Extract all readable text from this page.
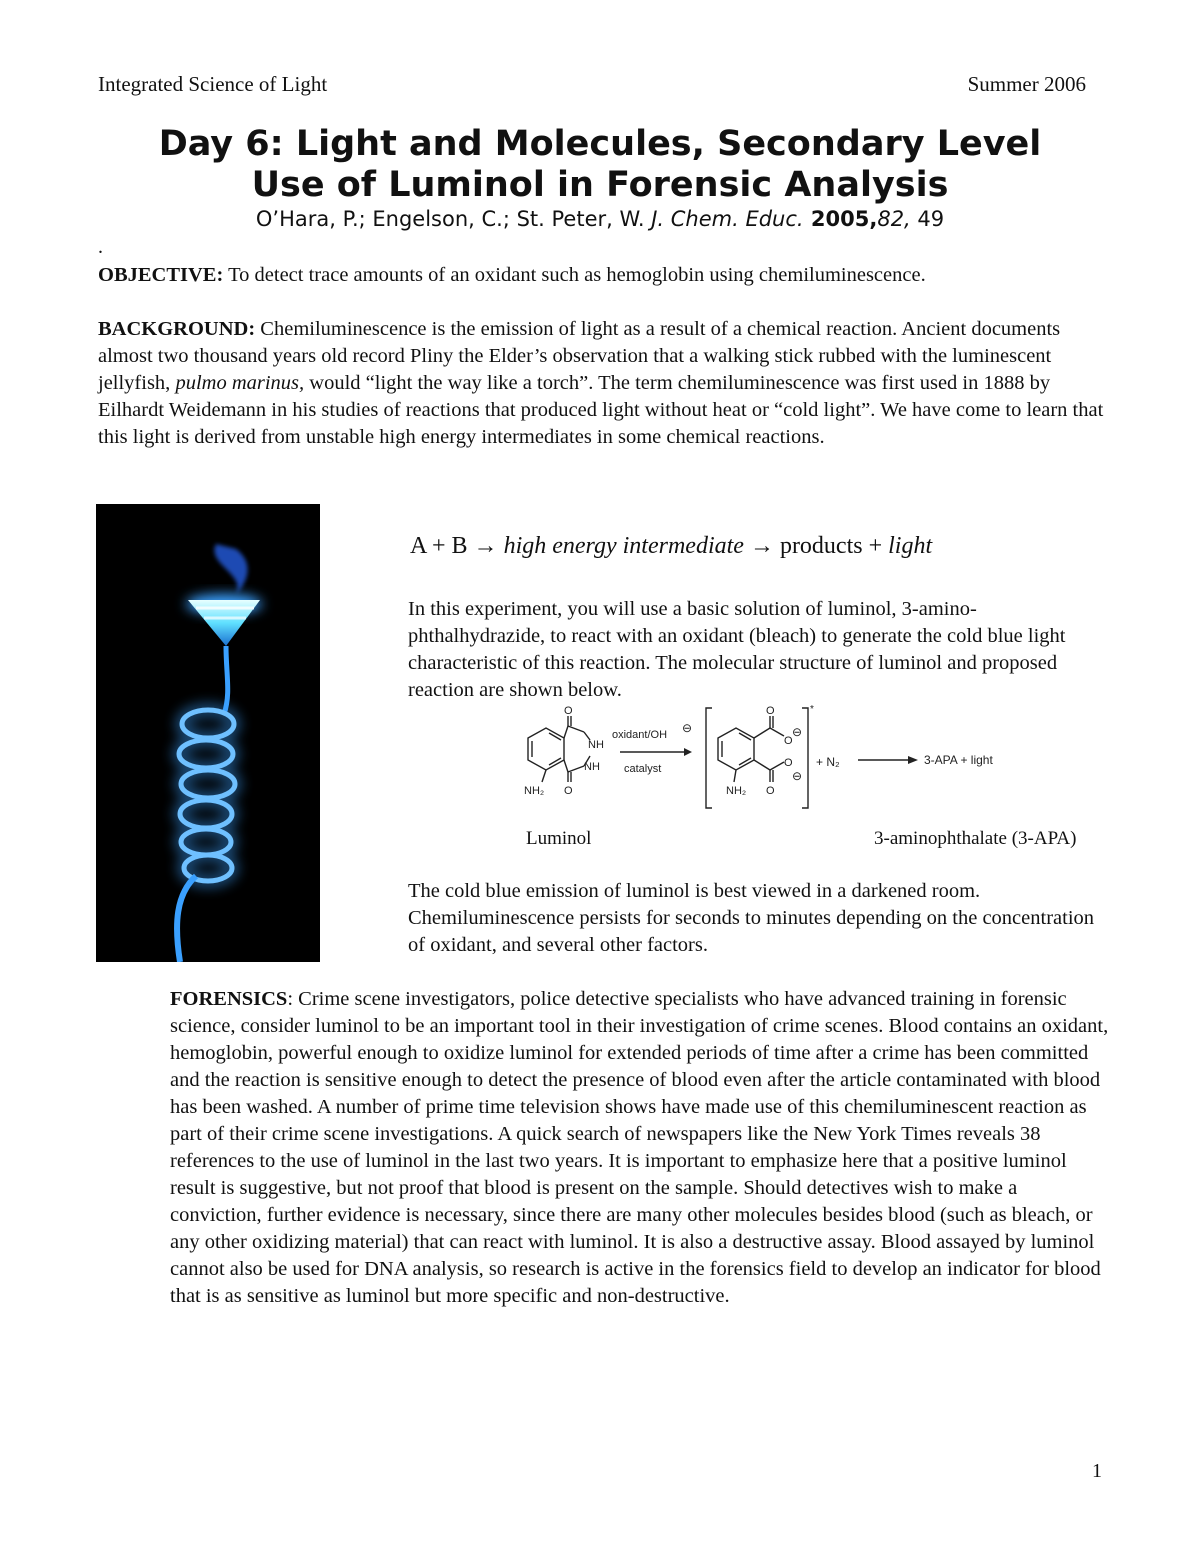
Integrated Science of Light	Summer 2006
Day 6: Light and Molecules, Secondary Level
Use of Luminol in Forensic Analysis
O’Hara, P.; Engelson, C.; St. Peter, W. J. Chem. Educ. 2005,82, 49
.
OBJECTIVE: To detect trace amounts of an oxidant such as hemoglobin using chemiluminescence.
BACKGROUND: Chemiluminescence is the emission of light as a result of a chemical reaction. Ancient documents almost two thousand years old record Pliny the Elder’s observation that a walking stick rubbed with the luminescent jellyfish, pulmo marinus, would “light the way like a torch”. The term chemiluminescence was first used in 1888 by Eilhardt Weidemann in his studies of reactions that produced light without heat or “cold light”. We have come to learn that this light is derived from unstable high energy intermediates in some chemical reactions.
A + B → high energy intermediate → products + light
In this experiment, you will use a basic solution of luminol, 3-amino-phthalhydrazide, to react with an oxidant (bleach) to generate the cold blue light characteristic of this reaction. The molecular structure of luminol and proposed reaction are shown below.
O
NH
NH
O
NH₂
oxidant/OH ⊖
catalyst
*
O
O
O
O
NH₂
⊖
⊖
+ N₂	3-APA + light
Luminol	3-aminophthalate (3-APA)
The cold blue emission of luminol is best viewed in a darkened room. Chemiluminescence persists for seconds to minutes depending on the concentration of oxidant, and several other factors.
FORENSICS: Crime scene investigators, police detective specialists who have advanced training in forensic science, consider luminol to be an important tool in their investigation of crime scenes. Blood contains an oxidant, hemoglobin, powerful enough to oxidize luminol for extended periods of time after a crime has been committed and the reaction is sensitive enough to detect the presence of blood even after the article contaminated with blood has been washed. A number of prime time television shows have made use of this chemiluminescent reaction as part of their crime scene investigations. A quick search of newspapers like the New York Times reveals 38 references to the use of luminol in the last two years. It is important to emphasize here that a positive luminol result is suggestive, but not proof that blood is present on the sample. Should detectives wish to make a conviction, further evidence is necessary, since there are many other molecules besides blood (such as bleach, or any other oxidizing material) that can react with luminol. It is also a destructive assay. Blood assayed by luminol cannot also be used for DNA analysis, so research is active in the forensics field to develop an indicator for blood that is as sensitive as luminol but more specific and non-destructive.
1
